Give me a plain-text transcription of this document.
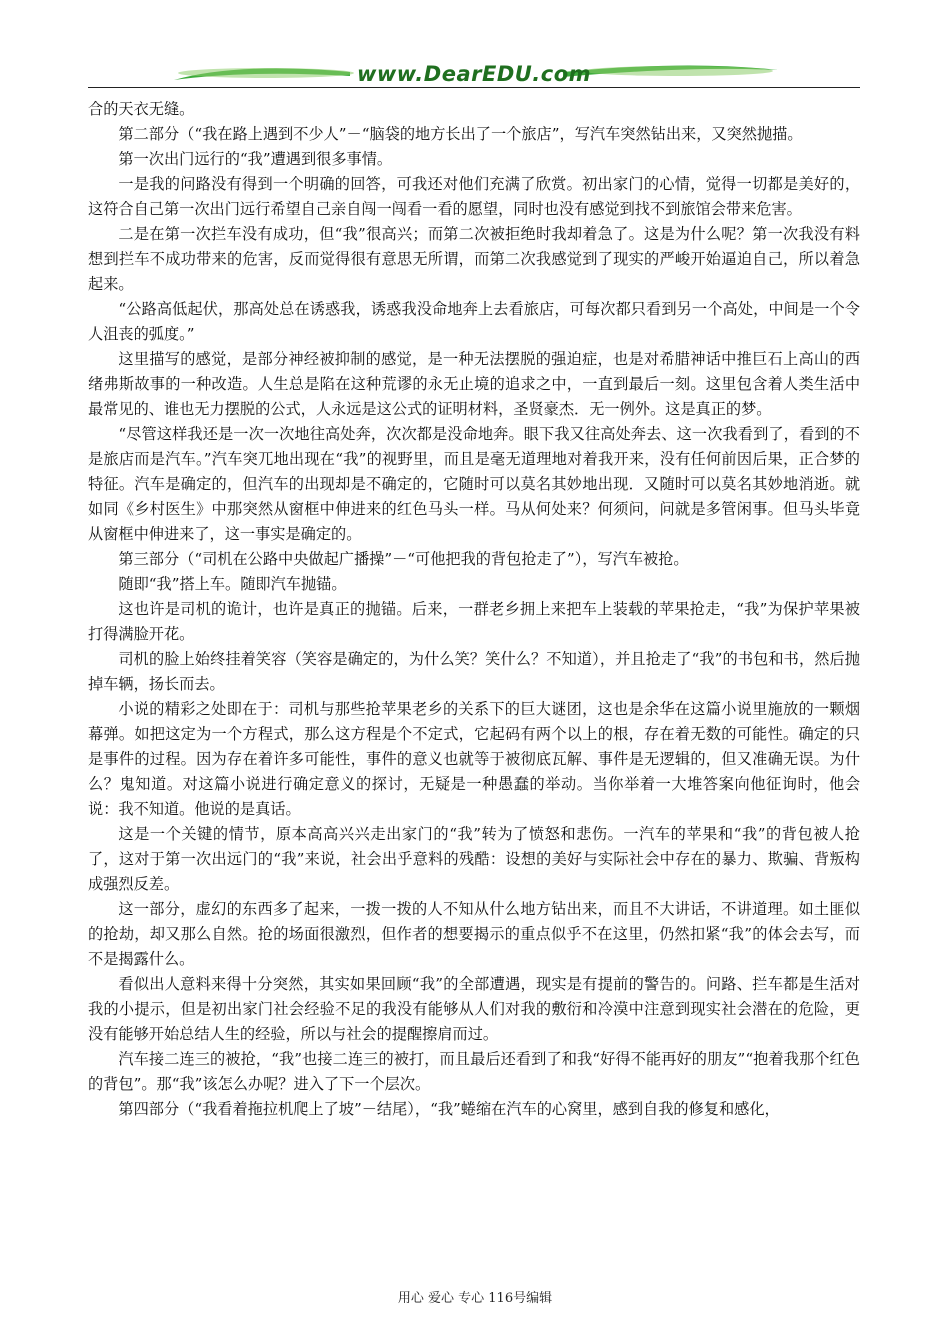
www.DearEDU.com

合的天衣无缝。

第二部分（“我在路上遇到不少人”－“脑袋的地方长出了一个旅店”，写汽车突然钻出来，又突然抛描。

第一次出门远行的“我”遭遇到很多事情。

一是我的问路没有得到一个明确的回答，可我还对他们充满了欣赏。初出家门的心情，觉得一切都是美好的，这符合自己第一次出门远行希望自己亲自闯一闯看一看的愿望，同时也没有感觉到找不到旅馆会带来危害。

二是在第一次拦车没有成功，但“我”很高兴；而第二次被拒绝时我却着急了。这是为什么呢？第一次我没有料想到拦车不成功带来的危害，反而觉得很有意思无所谓，而第二次我感觉到了现实的严峻开始逼迫自己，所以着急起来。

“公路高低起伏，那高处总在诱惑我，诱惑我没命地奔上去看旅店，可每次都只看到另一个高处，中间是一个令人沮丧的弧度。”

这里描写的感觉，是部分神经被抑制的感觉，是一种无法摆脱的强迫症，也是对希腊神话中推巨石上高山的西绪弗斯故事的一种改造。人生总是陷在这种荒谬的永无止境的追求之中，一直到最后一刻。这里包含着人类生活中最常见的、谁也无力摆脱的公式，人永远是这公式的证明材料，圣贤豪杰．无一例外。这是真正的梦。

“尽管这样我还是一次一次地往高处奔，次次都是没命地奔。眼下我又往高处奔去、这一次我看到了，看到的不是旅店而是汽车。”汽车突兀地出现在“我”的视野里，而且是毫无道理地对着我开来，没有任何前因后果，正合梦的特征。汽车是确定的，但汽车的出现却是不确定的，它随时可以莫名其妙地出现．又随时可以莫名其妙地消逝。就如同《乡村医生》中那突然从窗框中伸进来的红色马头一样。马从何处来？何须问，问就是多管闲事。但马头毕竟从窗框中伸进来了，这一事实是确定的。

第三部分（“司机在公路中央做起广播操”－“可他把我的背包抢走了”），写汽车被抢。

随即“我”搭上车。随即汽车抛锚。

这也许是司机的诡计，也许是真正的抛锚。后来，一群老乡拥上来把车上装载的苹果抢走，“我”为保护苹果被打得满脸开花。

司机的脸上始终挂着笑容（笑容是确定的，为什么笑？笑什么？不知道），并且抢走了“我”的书包和书，然后抛掉车辆，扬长而去。

小说的精彩之处即在于：司机与那些抢苹果老乡的关系下的巨大谜团，这也是余华在这篇小说里施放的一颗烟幕弹。如把这定为一个方程式，那么这方程是个不定式，它起码有两个以上的根，存在着无数的可能性。确定的只是事件的过程。因为存在着许多可能性，事件的意义也就等于被彻底瓦解、事件是无逻辑的，但又准确无误。为什么？鬼知道。对这篇小说进行确定意义的探讨，无疑是一种愚蠢的举动。当你举着一大堆答案向他征询时，他会说：我不知道。他说的是真话。

这是一个关键的情节，原本高高兴兴走出家门的“我”转为了愤怒和悲伤。一汽车的苹果和“我”的背包被人抢了，这对于第一次出远门的“我”来说，社会出乎意料的残酷：设想的美好与实际社会中存在的暴力、欺骗、背叛构成强烈反差。

这一部分，虚幻的东西多了起来，一拨一拨的人不知从什么地方钻出来，而且不大讲话，不讲道理。如土匪似的抢劫，却又那么自然。抢的场面很激烈，但作者的想要揭示的重点似乎不在这里，仍然扣紧“我”的体会去写，而不是揭露什么。

看似出人意料来得十分突然，其实如果回顾“我”的全部遭遇，现实是有提前的警告的。问路、拦车都是生活对我的小提示，但是初出家门社会经验不足的我没有能够从人们对我的敷衍和冷漠中注意到现实社会潜在的危险，更没有能够开始总结人生的经验，所以与社会的提醒擦肩而过。

汽车接二连三的被抢，“我”也接二连三的被打，而且最后还看到了和我“好得不能再好的朋友”“抱着我那个红色的背包”。那“我”该怎么办呢？进入了下一个层次。

第四部分（“我看着拖拉机爬上了坡”－结尾），“我”蜷缩在汽车的心窝里，感到自我的修复和感化，

用心 爱心 专心 116号编辑
